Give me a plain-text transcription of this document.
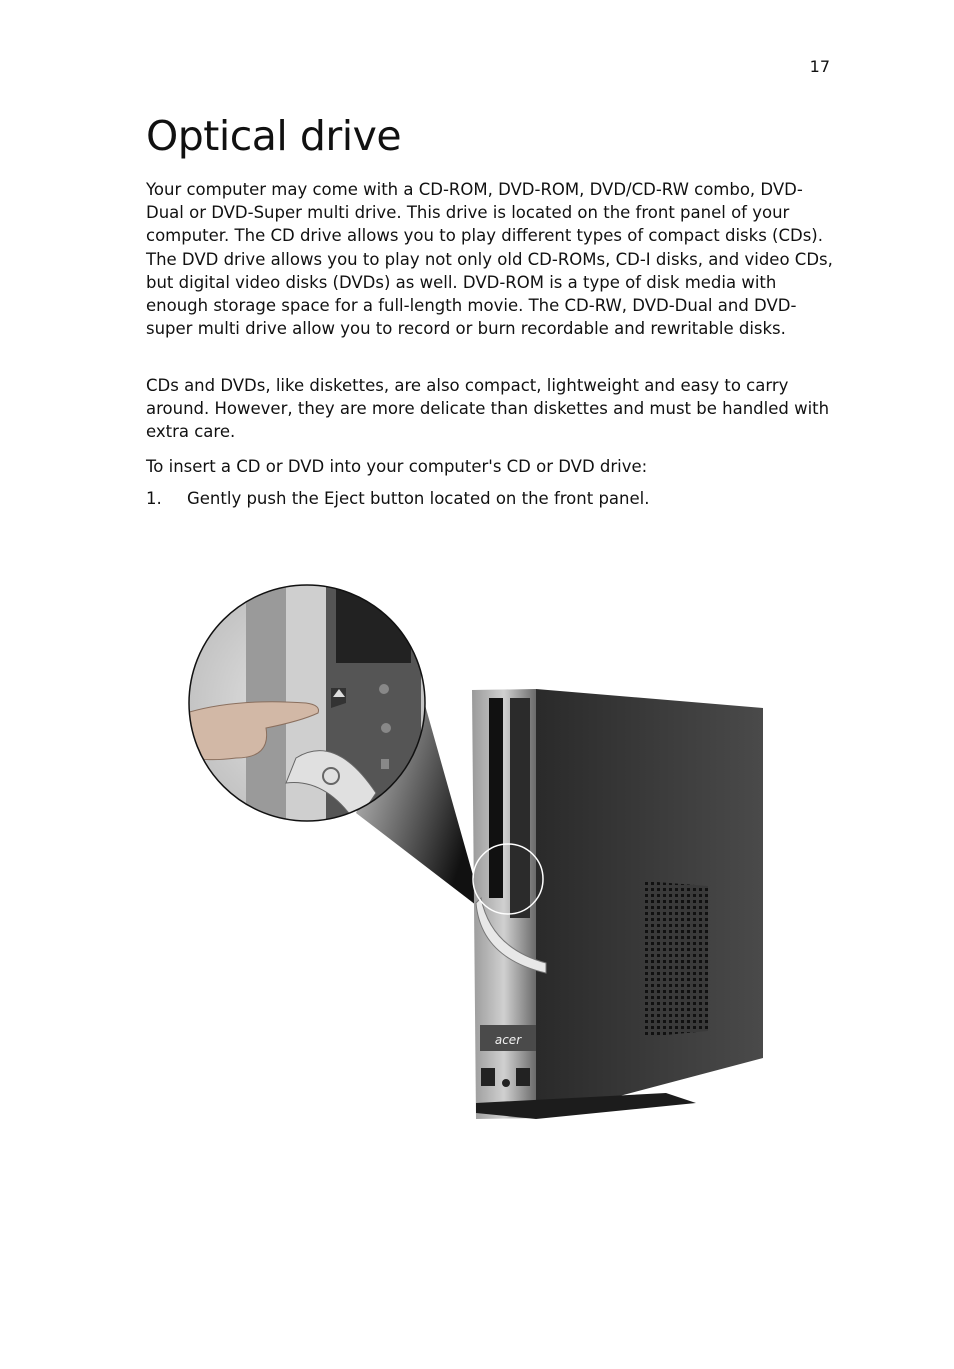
17
Optical drive

Your computer may come with a CD-ROM, DVD-ROM, DVD/CD-RW combo, DVD-Dual or DVD-Super multi drive. This drive is located on the front panel of your computer. The CD drive allows you to play different types of compact disks (CDs). The DVD drive allows you to play not only old CD-ROMs, CD-I disks, and video CDs, but digital video disks (DVDs) as well. DVD-ROM is a type of disk media with enough storage space for a full-length movie. The CD-RW, DVD-Dual and DVD-super multi drive allow you to record or burn recordable and rewritable disks.

CDs and DVDs, like diskettes, are also compact, lightweight and easy to carry around. However, they are more delicate than diskettes and must be handled with extra care.

To insert a CD or DVD into your computer's CD or DVD drive:

1. Gently push the Eject button located on the front panel.
acer
